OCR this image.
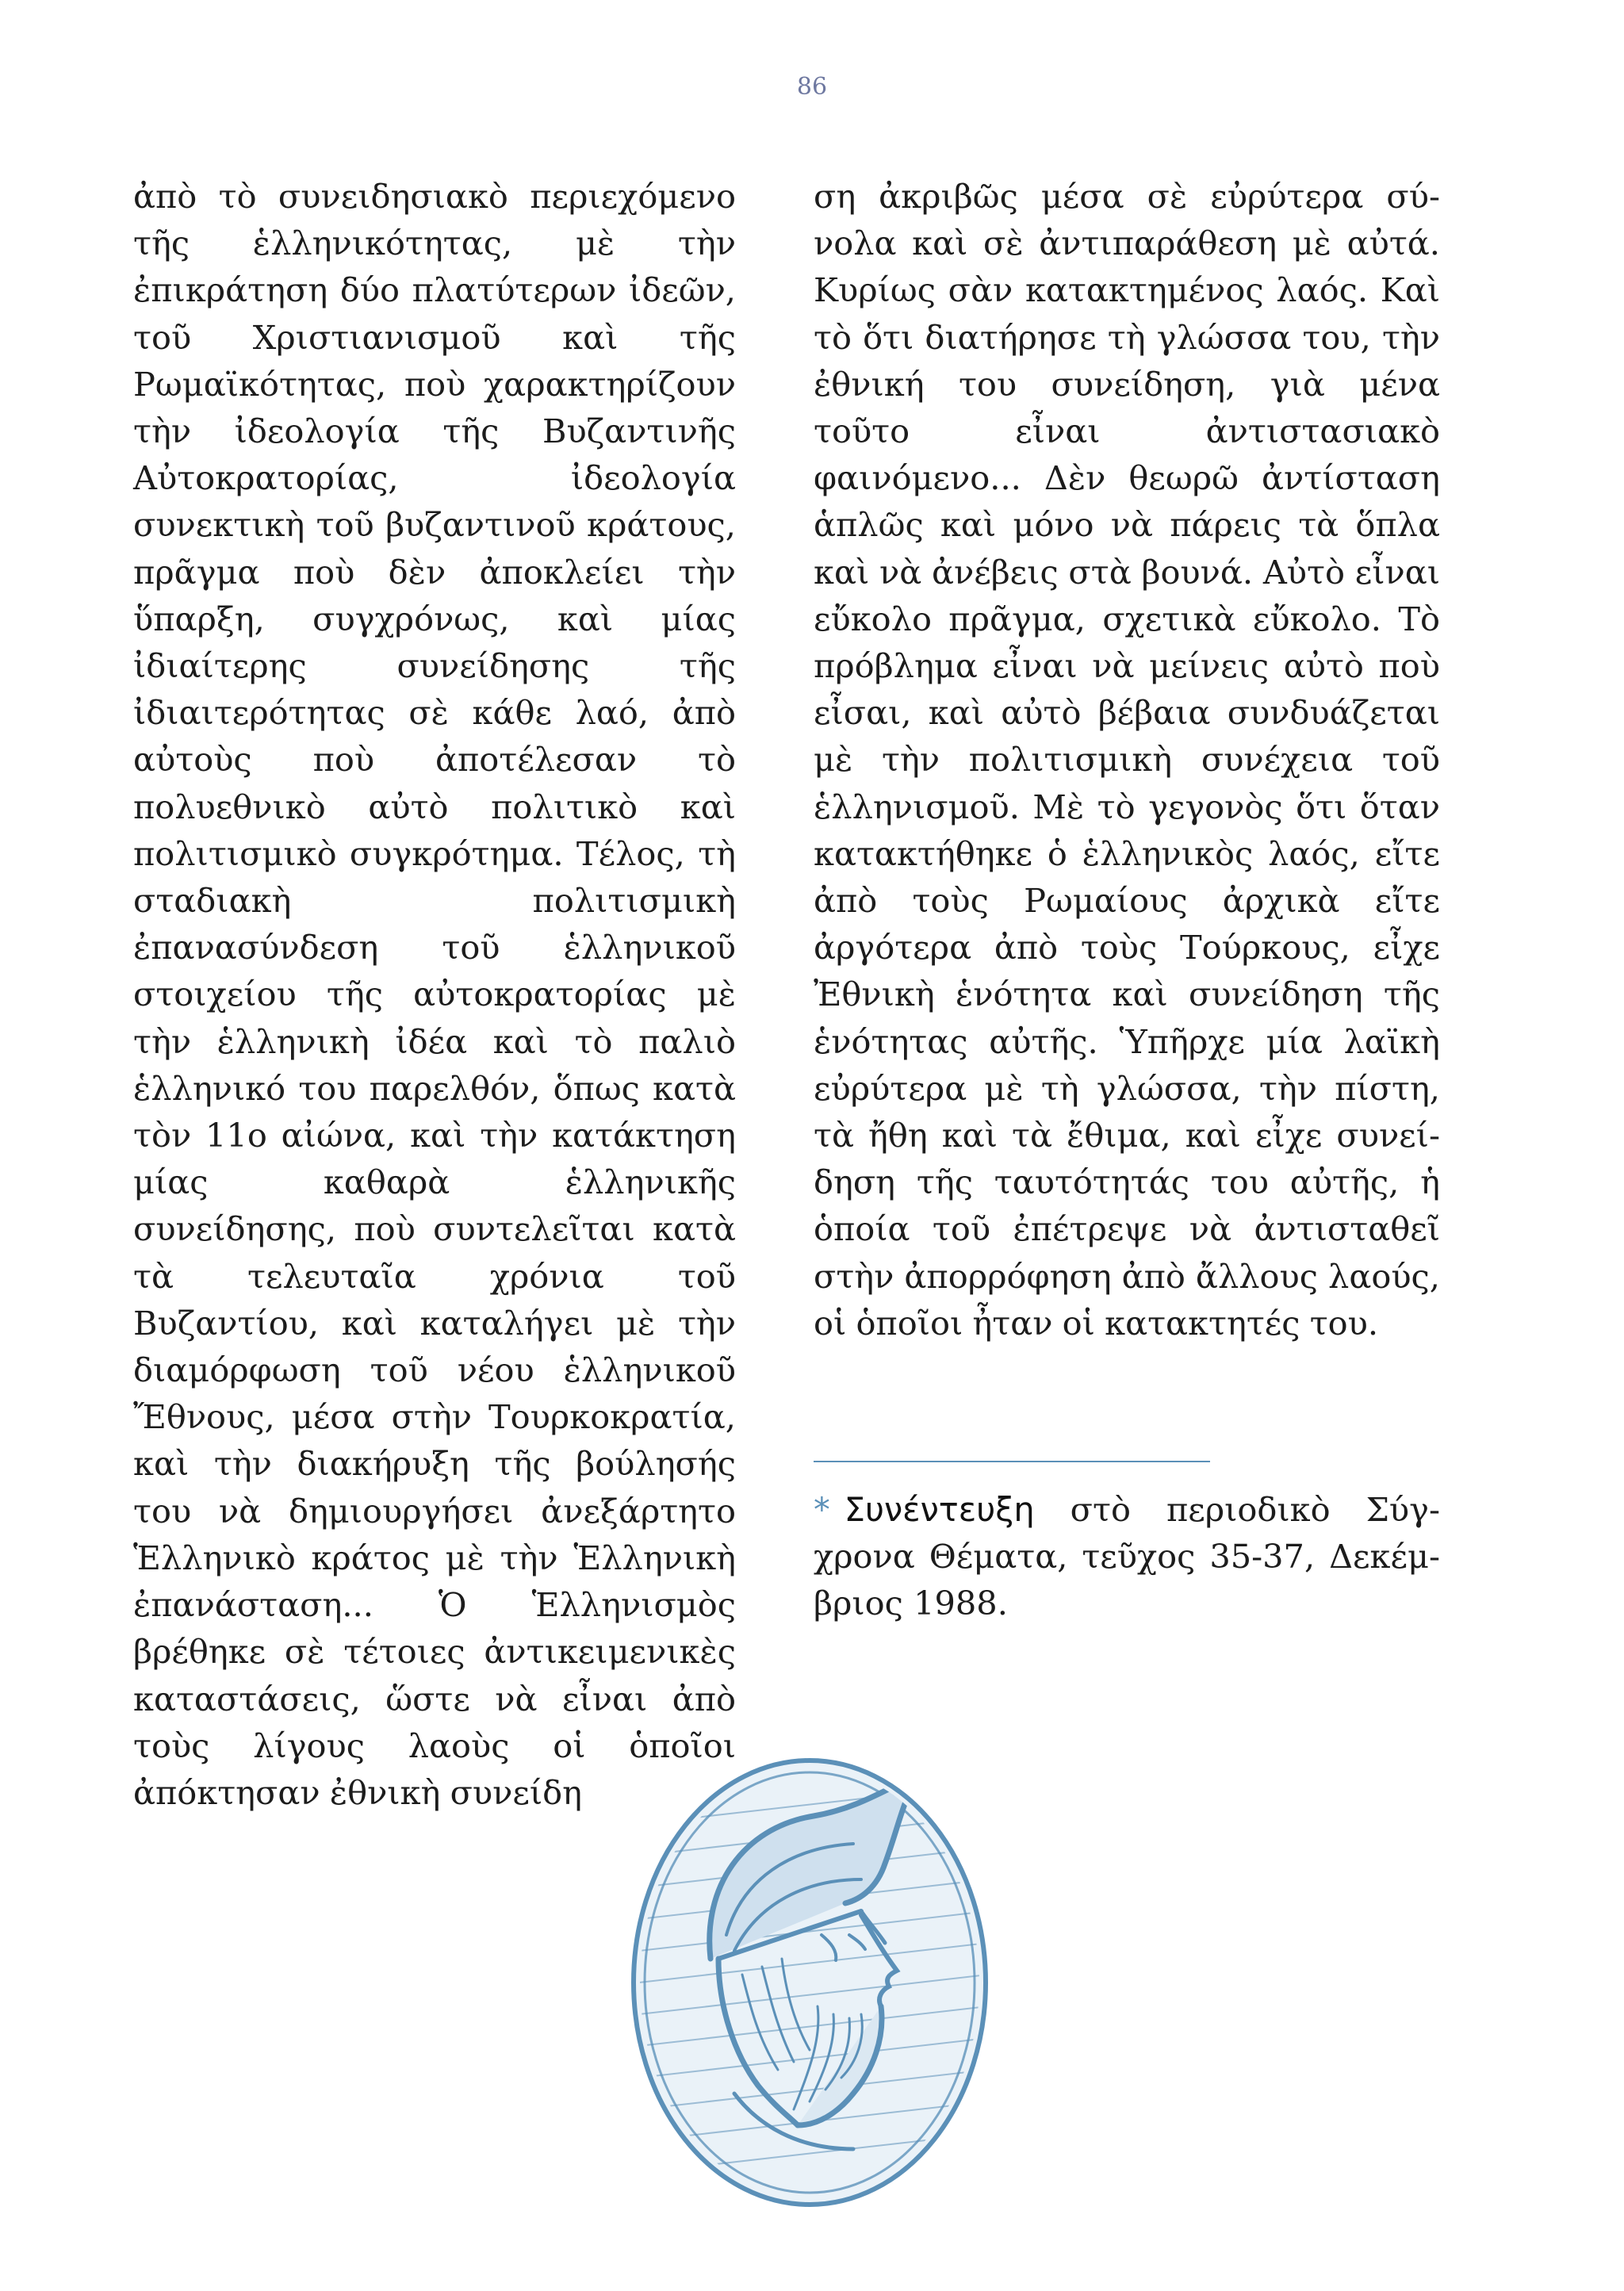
86
ἀπὸ τὸ συνειδησιακὸ περιεχόμενο τῆς ἑλληνικότητας, μὲ τὴν ἐπικράτηση δύο πλατύτερων ἰδεῶν, τοῦ Χριστιανισμοῦ καὶ τῆς Ρωμαϊκότητας, ποὺ χαρακτηρίζουν τὴν ἰδεολογία τῆς Βυζαντινῆς Αὐτοκρατορίας, ἰδεολογία συνεκτικὴ τοῦ βυζαντινοῦ κράτους, πρᾶγμα ποὺ δὲν ἀποκλείει τὴν ὕπαρξη, συγχρόνως, καὶ μίας ἰδιαίτερης συνείδησης τῆς ἰδιαιτερότητας σὲ κάθε λαό, ἀπὸ αὐτοὺς ποὺ ἀποτέλεσαν τὸ πολυεθνικὸ αὐτὸ πολιτικὸ καὶ πολιτισμικὸ συγκρότημα. Τέλος, τὴ σταδιακὴ πολιτισμικὴ ἐπανασύνδεση τοῦ ἑλληνικοῦ στοιχείου τῆς αὐτοκρατορίας μὲ τὴν ἑλληνικὴ ἰδέα καὶ τὸ παλιὸ ἑλληνικό του παρελθόν, ὅπως κατὰ τὸν 11ο αἰώνα, καὶ τὴν κατάκτηση μίας καθαρὰ ἑλληνικῆς συνείδησης, ποὺ συντελεῖται κατὰ τὰ τελευταῖα χρόνια τοῦ Βυζαντίου, καὶ καταλήγει μὲ τὴν διαμόρφωση τοῦ νέου ἑλληνικοῦ Ἔθνους, μέσα στὴν Τουρκοκρατία, καὶ τὴν διακήρυξη τῆς βούλησής του νὰ δημιουργήσει ἀνεξάρτητο Ἑλληνικὸ κράτος μὲ τὴν Ἑλληνικὴ ἐπανάσταση... Ὁ Ἑλληνισμὸς βρέθηκε σὲ τέτοιες ἀντικειμενικὲς καταστάσεις, ὥστε νὰ εἶναι ἀπὸ τοὺς λίγους λαοὺς οἱ ὁποῖοι ἀπόκτησαν ἐθνικὴ συνείδη
ση ἀκριβῶς μέσα σὲ εὐρύτερα σύνολα καὶ σὲ ἀντιπαράθεση μὲ αὐτά. Κυρίως σὰν κατακτημένος λαός. Καὶ τὸ ὅτι διατήρησε τὴ γλώσσα του, τὴν ἐθνική του συνείδηση, γιὰ μένα τοῦτο εἶναι ἀντιστασιακὸ φαινόμενο... Δὲν θεωρῶ ἀντίσταση ἁπλῶς καὶ μόνο νὰ πάρεις τὰ ὅπλα καὶ νὰ ἀνέβεις στὰ βουνά. Αὐτὸ εἶναι εὔκολο πρᾶγμα, σχετικὰ εὔκολο. Τὸ πρόβλημα εἶναι νὰ μείνεις αὐτὸ ποὺ εἶσαι, καὶ αὐτὸ βέβαια συνδυάζεται μὲ τὴν πολιτισμικὴ συνέχεια τοῦ ἑλληνισμοῦ. Μὲ τὸ γεγονὸς ὅτι ὅταν κατακτήθηκε ὁ ἑλληνικὸς λαός, εἴτε ἀπὸ τοὺς Ρωμαίους ἀρχικὰ εἴτε ἀργότερα ἀπὸ τοὺς Τούρκους, εἶχε Ἐθνικὴ ἑνότητα καὶ συνείδηση τῆς ἑνότητας αὐτῆς. Ὑπῆρχε μία λαϊκὴ εὐρύτερα μὲ τὴ γλώσσα, τὴν πίστη, τὰ ἤθη καὶ τὰ ἔθιμα, καὶ εἶχε συνείδηση τῆς ταυτότητάς του αὐτῆς, ἡ ὁποία τοῦ ἐπέτρεψε νὰ ἀντισταθεῖ στὴν ἀπορρόφηση ἀπὸ ἄλλους λαούς, οἱ ὁποῖοι ἦταν οἱ κατακτητές του.
* Συνέντευξη στὸ περιοδικὸ Σύγχρονα Θέματα, τεῦχος 35-37, Δεκέμβριος 1988.
